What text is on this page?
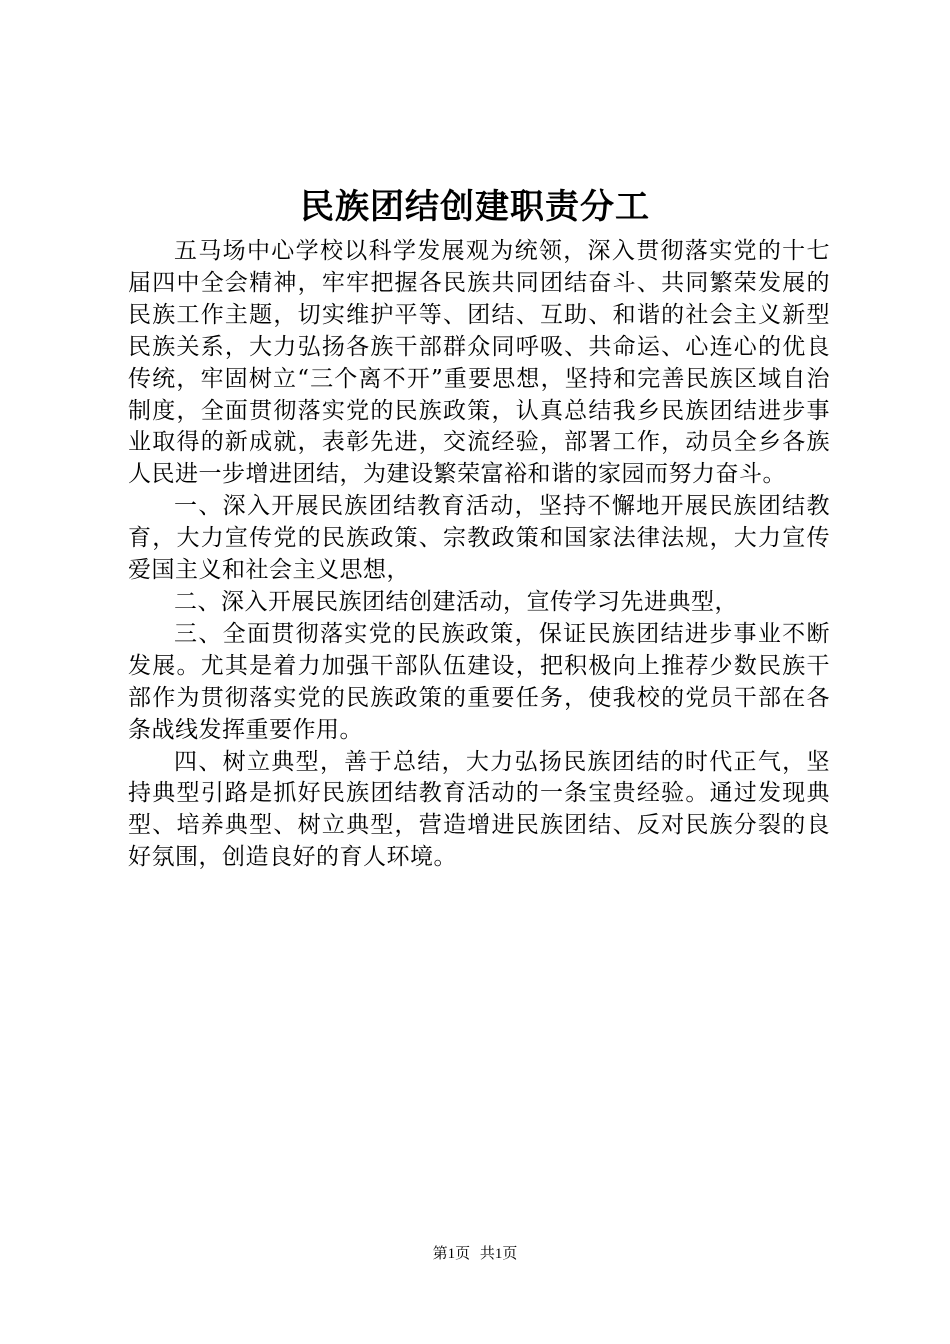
民族团结创建职责分工

五马场中心学校以科学发展观为统领，深入贯彻落实党的十七届四中全会精神，牢牢把握各民族共同团结奋斗、共同繁荣发展的民族工作主题，切实维护平等、团结、互助、和谐的社会主义新型民族关系，大力弘扬各族干部群众同呼吸、共命运、心连心的优良传统，牢固树立“三个离不开”重要思想，坚持和完善民族区域自治制度，全面贯彻落实党的民族政策，认真总结我乡民族团结进步事业取得的新成就，表彰先进，交流经验，部署工作，动员全乡各族人民进一步增进团结，为建设繁荣富裕和谐的家园而努力奋斗。

一、深入开展民族团结教育活动，坚持不懈地开展民族团结教育，大力宣传党的民族政策、宗教政策和国家法律法规，大力宣传爱国主义和社会主义思想，

二、深入开展民族团结创建活动，宣传学习先进典型，

三、全面贯彻落实党的民族政策，保证民族团结进步事业不断发展。尤其是着力加强干部队伍建设，把积极向上推荐少数民族干部作为贯彻落实党的民族政策的重要任务，使我校的党员干部在各条战线发挥重要作用。

四、树立典型，善于总结，大力弘扬民族团结的时代正气，坚持典型引路是抓好民族团结教育活动的一条宝贵经验。通过发现典型、培养典型、树立典型，营造增进民族团结、反对民族分裂的良好氛围，创造良好的育人环境。

第1页 共1页
